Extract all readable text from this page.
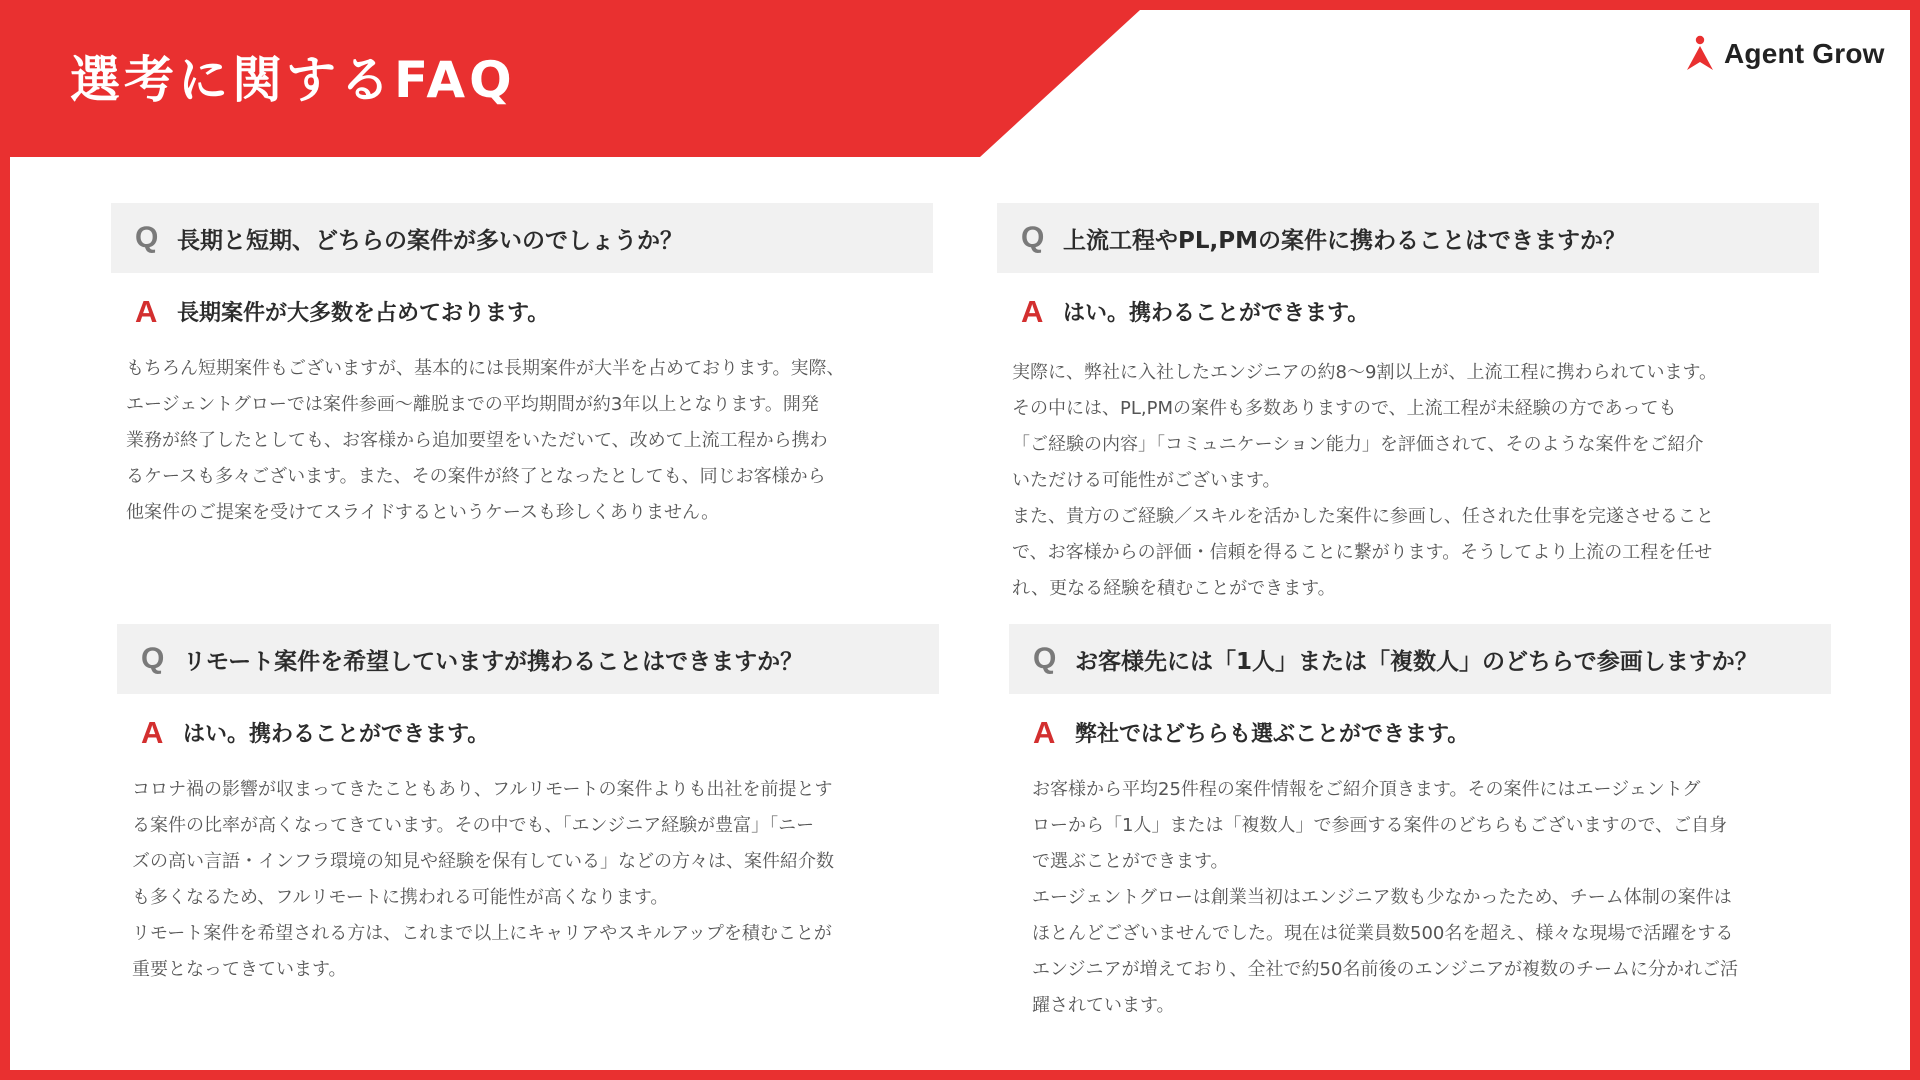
選考に関するFAQ	Agent Grow
Q 長期と短期、どちらの案件が多いのでしょうか？
A 長期案件が大多数を占めております。
もちろん短期案件もございますが、基本的には長期案件が大半を占めております。実際、
エージェントグローでは案件参画〜離脱までの平均期間が約3年以上となります。開発
業務が終了したとしても、お客様から追加要望をいただいて、改めて上流工程から携わ
るケースも多々ございます。また、その案件が終了となったとしても、同じお客様から
他案件のご提案を受けてスライドするというケースも珍しくありません。
Q 上流工程やPL,PMの案件に携わることはできますか？
A はい。携わることができます。
実際に、弊社に入社したエンジニアの約8〜9割以上が、上流工程に携わられています。
その中には、PL,PMの案件も多数ありますので、上流工程が未経験の方であっても
「ご経験の内容」「コミュニケーション能力」を評価されて、そのような案件をご紹介
いただける可能性がございます。
また、貴方のご経験／スキルを活かした案件に参画し、任された仕事を完遂させること
で、お客様からの評価・信頼を得ることに繋がります。そうしてより上流の工程を任せ
れ、更なる経験を積むことができます。
Q リモート案件を希望していますが携わることはできますか？
A はい。携わることができます。
コロナ禍の影響が収まってきたこともあり、フルリモートの案件よりも出社を前提とす
る案件の比率が高くなってきています。その中でも、「エンジニア経験が豊富」「ニー
ズの高い言語・インフラ環境の知見や経験を保有している」などの方々は、案件紹介数
も多くなるため、フルリモートに携われる可能性が高くなります。
リモート案件を希望される方は、これまで以上にキャリアやスキルアップを積むことが
重要となってきています。
Q お客様先には「1人」または「複数人」のどちらで参画しますか？
A 弊社ではどちらも選ぶことができます。
お客様から平均25件程の案件情報をご紹介頂きます。その案件にはエージェントグ
ローから「1人」または「複数人」で参画する案件のどちらもございますので、ご自身
で選ぶことができます。
エージェントグローは創業当初はエンジニア数も少なかったため、チーム体制の案件は
ほとんどございませんでした。現在は従業員数500名を超え、様々な現場で活躍をする
エンジニアが増えており、全社で約50名前後のエンジニアが複数のチームに分かれご活
躍されています。
